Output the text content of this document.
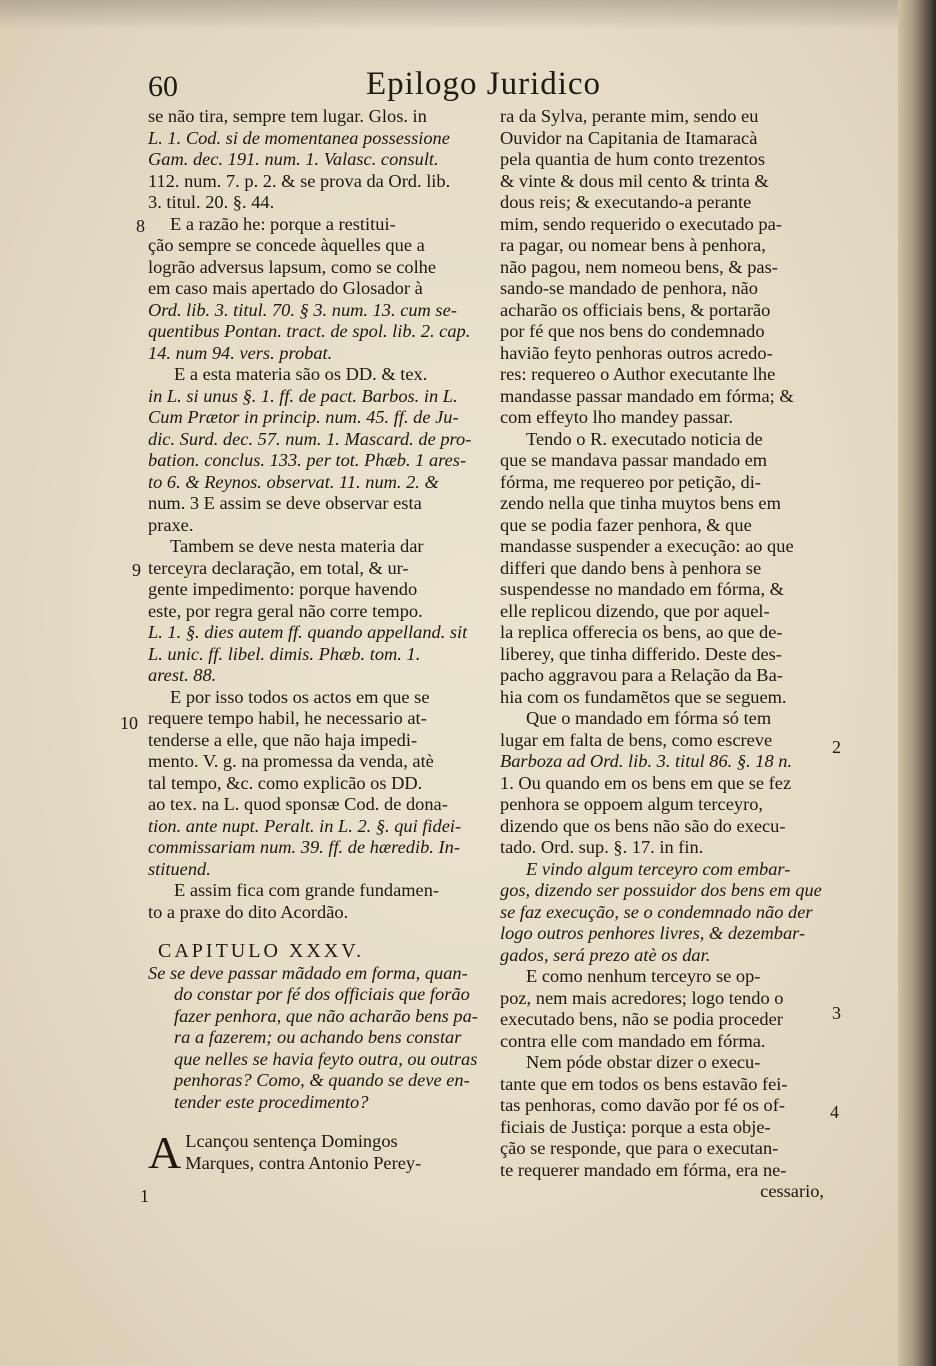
60	Epilogo Juridico
8
9
10
1
2
3
4
se não tira, sempre tem lugar. Glos. in
L. 1. Cod. si de momentanea possessione
Gam. dec. 191. num. 1. Valasc. consult.
112. num. 7. p. 2. & se prova da Ord. lib.
3. titul. 20. §. 44.
E a razão he: porque a restitui-
ção sempre se concede àquelles que a
logrão adversus lapsum, como se colhe
em caso mais apertado do Glosador à
Ord. lib. 3. titul. 70. § 3. num. 13. cum se-
quentibus Pontan. tract. de spol. lib. 2. cap.
14. num 94. vers. probat.
E a esta materia são os DD. & tex.
in L. si unus §. 1. ff. de pact. Barbos. in L.
Cum Prætor in princip. num. 45. ff. de Ju-
dic. Surd. dec. 57. num. 1. Mascard. de pro-
bation. conclus. 133. per tot. Phæb. 1 ares-
to 6. & Reynos. observat. 11. num. 2. &
num. 3 E assim se deve observar esta
praxe.
Tambem se deve nesta materia dar
terceyra declaração, em total, & ur-
gente impedimento: porque havendo
este, por regra geral não corre tempo.
L. 1. §. dies autem ff. quando appelland. sit
L. unic. ff. libel. dimis. Phæb. tom. 1.
arest. 88.
E por isso todos os actos em que se
requere tempo habil, he necessario at-
tenderse a elle, que não haja impedi-
mento. V. g. na promessa da venda, atè
tal tempo, &c. como explicão os DD.
ao tex. na L. quod sponsæ Cod. de dona-
tion. ante nupt. Peralt. in L. 2. §. qui fidei-
commissariam num. 39. ff. de hæredib. In-
stituend.
E assim fica com grande fundamen-
to a praxe do dito Acordão.
CAPITULO XXXV.
Se se deve passar mãdado em forma, quan-
do constar por fé dos officiais que forão
fazer penhora, que não acharão bens pa-
ra a fazerem; ou achando bens constar
que nelles se havia feyto outra, ou outras
penhoras? Como, & quando se deve en-
tender este procedimento?
A Lcançou sentença Domingos
Marques, contra Antonio Perey-
ra da Sylva, perante mim, sendo eu
Ouvidor na Capitania de Itamaracà
pela quantia de hum conto trezentos
& vinte & dous mil cento & trinta &
dous reis; & executando-a perante
mim, sendo requerido o executado pa-
ra pagar, ou nomear bens à penhora,
não pagou, nem nomeou bens, & pas-
sando-se mandado de penhora, não
acharão os officiais bens, & portarão
por fé que nos bens do condemnado
havião feyto penhoras outros acredo-
res: requereo o Author executante lhe
mandasse passar mandado em fórma; &
com effeyto lho mandey passar.
Tendo o R. executado noticia de
que se mandava passar mandado em
fórma, me requereo por petição, di-
zendo nella que tinha muytos bens em
que se podia fazer penhora, & que
mandasse suspender a execução: ao que
differi que dando bens à penhora se
suspendesse no mandado em fórma, &
elle replicou dizendo, que por aquel-
la replica offerecia os bens, ao que de-
liberey, que tinha differido. Deste des-
pacho aggravou para a Relação da Ba-
hia com os fundamẽtos que se seguem.
Que o mandado em fórma só tem
lugar em falta de bens, como escreve
Barboza ad Ord. lib. 3. titul 86. §. 18 n.
1. Ou quando em os bens em que se fez
penhora se oppoem algum terceyro,
dizendo que os bens não são do execu-
tado. Ord. sup. §. 17. in fin.
E vindo algum terceyro com embar-
gos, dizendo ser possuidor dos bens em que
se faz execução, se o condemnado não der
logo outros penhores livres, & dezembar-
gados, será prezo atè os dar.
E como nenhum terceyro se op-
poz, nem mais acredores; logo tendo o
executado bens, não se podia proceder
contra elle com mandado em fórma.
Nem póde obstar dizer o execu-
tante que em todos os bens estavão fei-
tas penhoras, como davão por fé os of-
ficiais de Justiça: porque a esta obje-
ção se responde, que para o executan-
te requerer mandado em fórma, era ne-
cessario,
